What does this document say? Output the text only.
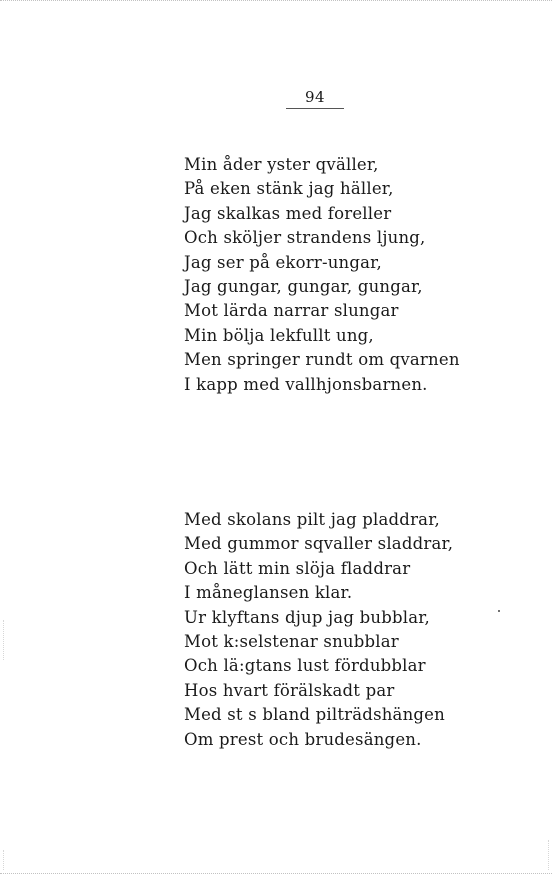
94
Min åder yster qväller,
På eken stänk jag häller,
Jag skalkas med foreller
Och sköljer strandens ljung,
Jag ser på ekorr-ungar,
Jag gungar, gungar, gungar,
Mot lärda narrar slungar
Min bölja lekfullt ung,
Men springer rundt om qvarnen
I kapp med vallhjonsbarnen.
Med skolans pilt jag pladdrar,
Med gummor sqvaller sladdrar,
Och lätt min slöja fladdrar
I måneglansen klar.
Ur klyftans djup jag bubblar,
Mot k:selstenar snubblar
Och lä:gtans lust fördubblar
Hos hvart förälskadt par
Med st s bland pilträdshängen
Om prest och brudesängen.
